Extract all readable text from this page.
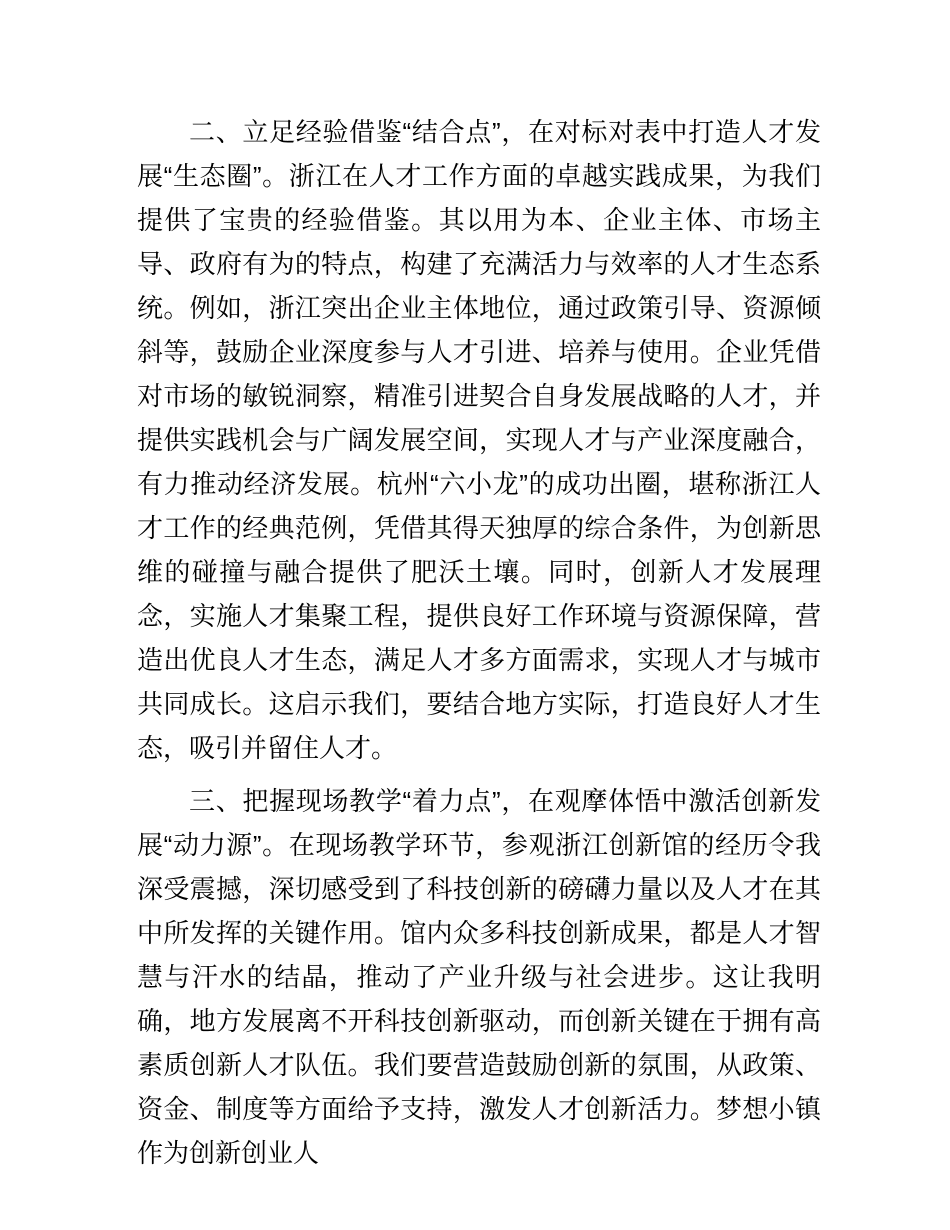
二、立足经验借鉴“结合点”，在对标对表中打造人才发展“生态圈”。浙江在人才工作方面的卓越实践成果，为我们提供了宝贵的经验借鉴。其以用为本、企业主体、市场主导、政府有为的特点，构建了充满活力与效率的人才生态系统。例如，浙江突出企业主体地位，通过政策引导、资源倾斜等，鼓励企业深度参与人才引进、培养与使用。企业凭借对市场的敏锐洞察，精准引进契合自身发展战略的人才，并提供实践机会与广阔发展空间，实现人才与产业深度融合，有力推动经济发展。杭州“六小龙”的成功出圈，堪称浙江人才工作的经典范例，凭借其得天独厚的综合条件，为创新思维的碰撞与融合提供了肥沃土壤。同时，创新人才发展理念，实施人才集聚工程，提供良好工作环境与资源保障，营造出优良人才生态，满足人才多方面需求，实现人才与城市共同成长。这启示我们，要结合地方实际，打造良好人才生态，吸引并留住人才。

三、把握现场教学“着力点”，在观摩体悟中激活创新发展“动力源”。在现场教学环节，参观浙江创新馆的经历令我深受震撼，深切感受到了科技创新的磅礴力量以及人才在其中所发挥的关键作用。馆内众多科技创新成果，都是人才智慧与汗水的结晶，推动了产业升级与社会进步。这让我明确，地方发展离不开科技创新驱动，而创新关键在于拥有高素质创新人才队伍。我们要营造鼓励创新的氛围，从政策、资金、制度等方面给予支持，激发人才创新活力。梦想小镇作为创新创业人
